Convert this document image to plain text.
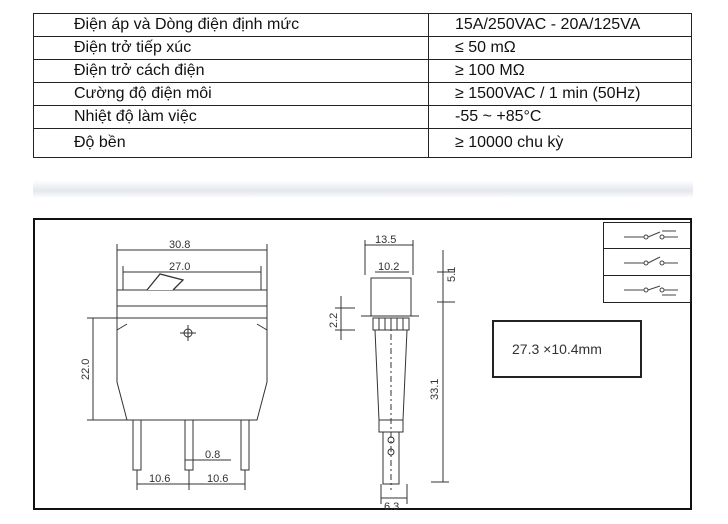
Điện áp và Dòng điện định mức	15A/250VAC - 20A/125VA
Điện trở tiếp xúc	≤ 50 mΩ
Điện trở cách điện	≥ 100 MΩ
Cường độ điện môi	≥ 1500VAC / 1 min (50Hz)
Nhiệt độ làm việc	-55 ~ +85°C
Độ bền	≥ 10000 chu kỳ
30.8
27.0
22.0
0.8
10.6	10.6
13.5
10.2	5.1
2.2
33.1
6.3
27.3 ×10.4mm
